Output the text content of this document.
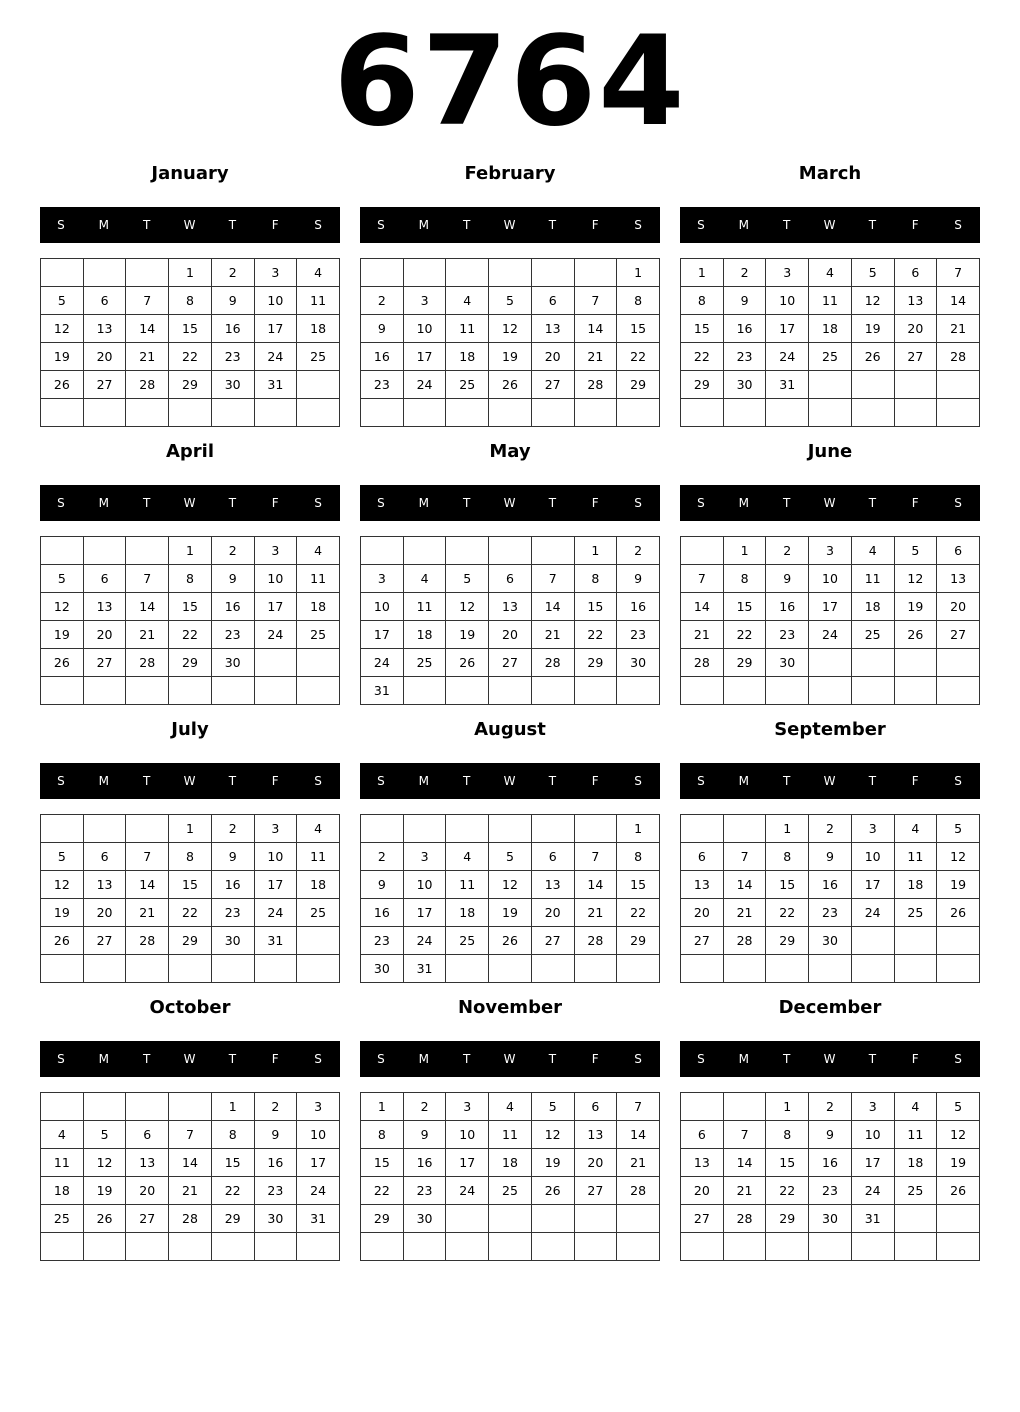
6764
January
S	M	T	W	T	F	S
			1	2	3	4
5	6	7	8	9	10	11
12	13	14	15	16	17	18
19	20	21	22	23	24	25
26	27	28	29	30	31	

February
S	M	T	W	T	F	S
						1
2	3	4	5	6	7	8
9	10	11	12	13	14	15
16	17	18	19	20	21	22
23	24	25	26	27	28	29

March
S	M	T	W	T	F	S
1	2	3	4	5	6	7
8	9	10	11	12	13	14
15	16	17	18	19	20	21
22	23	24	25	26	27	28
29	30	31				

April
S	M	T	W	T	F	S
			1	2	3	4
5	6	7	8	9	10	11
12	13	14	15	16	17	18
19	20	21	22	23	24	25
26	27	28	29	30		

May
S	M	T	W	T	F	S
					1	2
3	4	5	6	7	8	9
10	11	12	13	14	15	16
17	18	19	20	21	22	23
24	25	26	27	28	29	30
31						
June
S	M	T	W	T	F	S
	1	2	3	4	5	6
7	8	9	10	11	12	13
14	15	16	17	18	19	20
21	22	23	24	25	26	27
28	29	30				

July
S	M	T	W	T	F	S
			1	2	3	4
5	6	7	8	9	10	11
12	13	14	15	16	17	18
19	20	21	22	23	24	25
26	27	28	29	30	31	

August
S	M	T	W	T	F	S
						1
2	3	4	5	6	7	8
9	10	11	12	13	14	15
16	17	18	19	20	21	22
23	24	25	26	27	28	29
30	31					
September
S	M	T	W	T	F	S
		1	2	3	4	5
6	7	8	9	10	11	12
13	14	15	16	17	18	19
20	21	22	23	24	25	26
27	28	29	30			

October
S	M	T	W	T	F	S
				1	2	3
4	5	6	7	8	9	10
11	12	13	14	15	16	17
18	19	20	21	22	23	24
25	26	27	28	29	30	31

November
S	M	T	W	T	F	S
1	2	3	4	5	6	7
8	9	10	11	12	13	14
15	16	17	18	19	20	21
22	23	24	25	26	27	28
29	30					

December
S	M	T	W	T	F	S
		1	2	3	4	5
6	7	8	9	10	11	12
13	14	15	16	17	18	19
20	21	22	23	24	25	26
27	28	29	30	31		
